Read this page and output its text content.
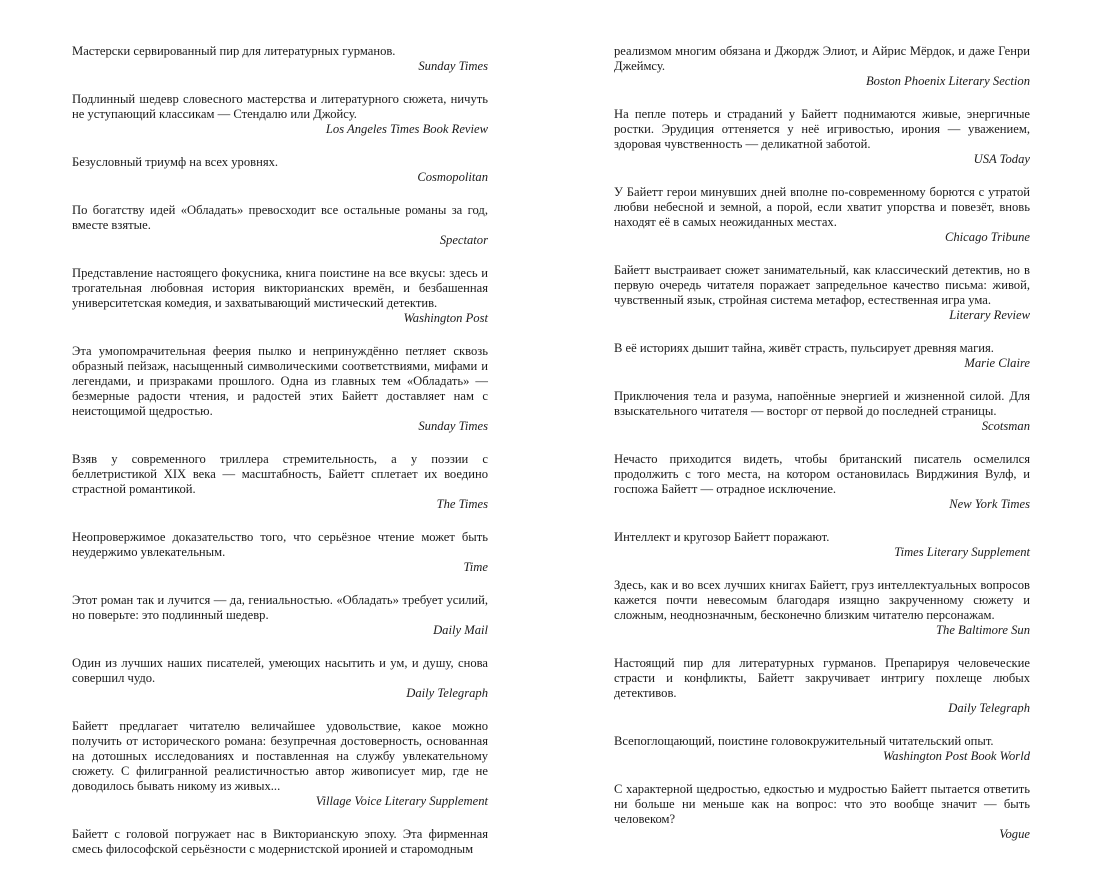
Мастерски сервированный пир для литературных гурманов.
Sunday Times
Подлинный шедевр словесного мастерства и литературного сюжета, ничуть не уступающий классикам — Стендалю или Джойсу.
Los Angeles Times Book Review
Безусловный триумф на всех уровнях.
Cosmopolitan
По богатству идей «Обладать» превосходит все остальные романы за год, вместе взятые.
Spectator
Представление настоящего фокусника, книга поистине на все вкусы: здесь и трогательная любовная история викторианских времён, и безбашенная университетская комедия, и захватывающий мистический детектив.
Washington Post
Эта умопомрачительная феерия пылко и непринуждённо петляет сквозь образный пейзаж, насыщенный символическими соответствиями, мифами и легендами, и призраками прошлого. Одна из главных тем «Обладать» — безмерные радости чтения, и радостей этих Байетт доставляет нам с неистощимой щедростью.
Sunday Times
Взяв у современного триллера стремительность, а у поэзии с беллетристикой XIX века — масштабность, Байетт сплетает их воедино страстной романтикой.
The Times
Неопровержимое доказательство того, что серьёзное чтение может быть неудержимо увлекательным.
Time
Этот роман так и лучится — да, гениальностью. «Обладать» требует усилий, но поверьте: это подлинный шедевр.
Daily Mail
Один из лучших наших писателей, умеющих насытить и ум, и душу, снова совершил чудо.
Daily Telegraph
Байетт предлагает читателю величайшее удовольствие, какое можно получить от исторического романа: безупречная достоверность, основанная на дотошных исследованиях и поставленная на службу увлекательному сюжету. С филигранной реалистичностью автор живописует мир, где не доводилось бывать никому из живых...
Village Voice Literary Supplement
Байетт с головой погружает нас в Викторианскую эпоху. Эта фирменная смесь философской серьёзности с модернистской иронией и старомодным
реализмом многим обязана и Джордж Элиот, и Айрис Мёрдок, и даже Генри Джеймсу.
Boston Phoenix Literary Section
На пепле потерь и страданий у Байетт поднимаются живые, энергичные ростки. Эрудиция оттеняется у неё игривостью, ирония — уважением, здоровая чувственность — деликатной заботой.
USA Today
У Байетт герои минувших дней вполне по-современному борются с утратой любви небесной и земной, а порой, если хватит упорства и повезёт, вновь находят её в самых неожиданных местах.
Chicago Tribune
Байетт выстраивает сюжет занимательный, как классический детектив, но в первую очередь читателя поражает запредельное качество письма: живой, чувственный язык, стройная система метафор, естественная игра ума.
Literary Review
В её историях дышит тайна, живёт страсть, пульсирует древняя магия.
Marie Claire
Приключения тела и разума, напоённые энергией и жизненной силой. Для взыскательного читателя — восторг от первой до последней страницы.
Scotsman
Нечасто приходится видеть, чтобы британский писатель осмелился продолжить с того места, на котором остановилась Вирджиния Вулф, и госпожа Байетт — отрадное исключение.
New York Times
Интеллект и кругозор Байетт поражают.
Times Literary Supplement
Здесь, как и во всех лучших книгах Байетт, груз интеллектуальных вопросов кажется почти невесомым благодаря изящно закрученному сюжету и сложным, неоднозначным, бесконечно близким читателю персонажам.
The Baltimore Sun
Настоящий пир для литературных гурманов. Препарируя человеческие страсти и конфликты, Байетт закручивает интригу похлеще любых детективов.
Daily Telegraph
Всепоглощающий, поистине головокружительный читательский опыт.
Washington Post Book World
С характерной щедростью, едкостью и мудростью Байетт пытается ответить ни больше ни меньше как на вопрос: что это вообще значит — быть человеком?
Vogue
